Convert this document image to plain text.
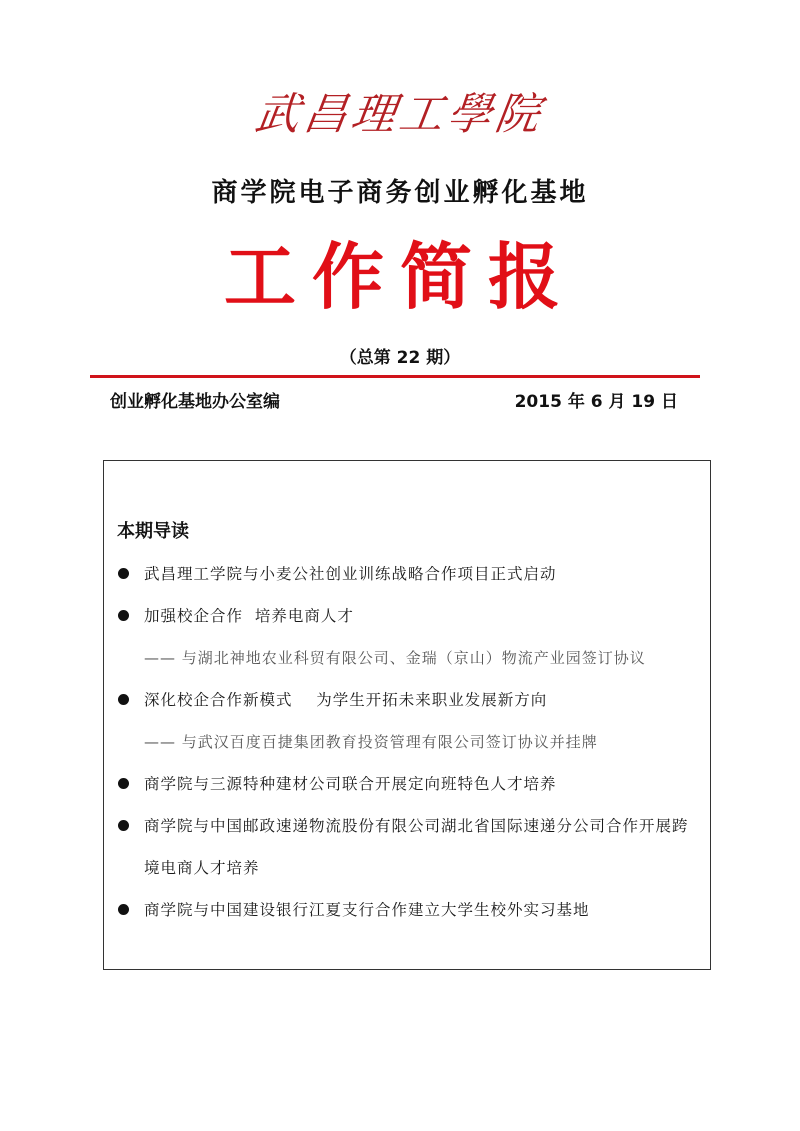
武昌理工學院
商学院电子商务创业孵化基地
工作简报
（总第 22 期）
创业孵化基地办公室编	2015 年 6 月 19 日
本期导读
武昌理工学院与小麦公社创业训练战略合作项目正式启动
加强校企合作  培养电商人才
—— 与湖北神地农业科贸有限公司、金瑞（京山）物流产业园签订协议
深化校企合作新模式    为学生开拓未来职业发展新方向
—— 与武汉百度百捷集团教育投资管理有限公司签订协议并挂牌
商学院与三源特种建材公司联合开展定向班特色人才培养
商学院与中国邮政速递物流股份有限公司湖北省国际速递分公司合作开展跨境电商人才培养
商学院与中国建设银行江夏支行合作建立大学生校外实习基地
